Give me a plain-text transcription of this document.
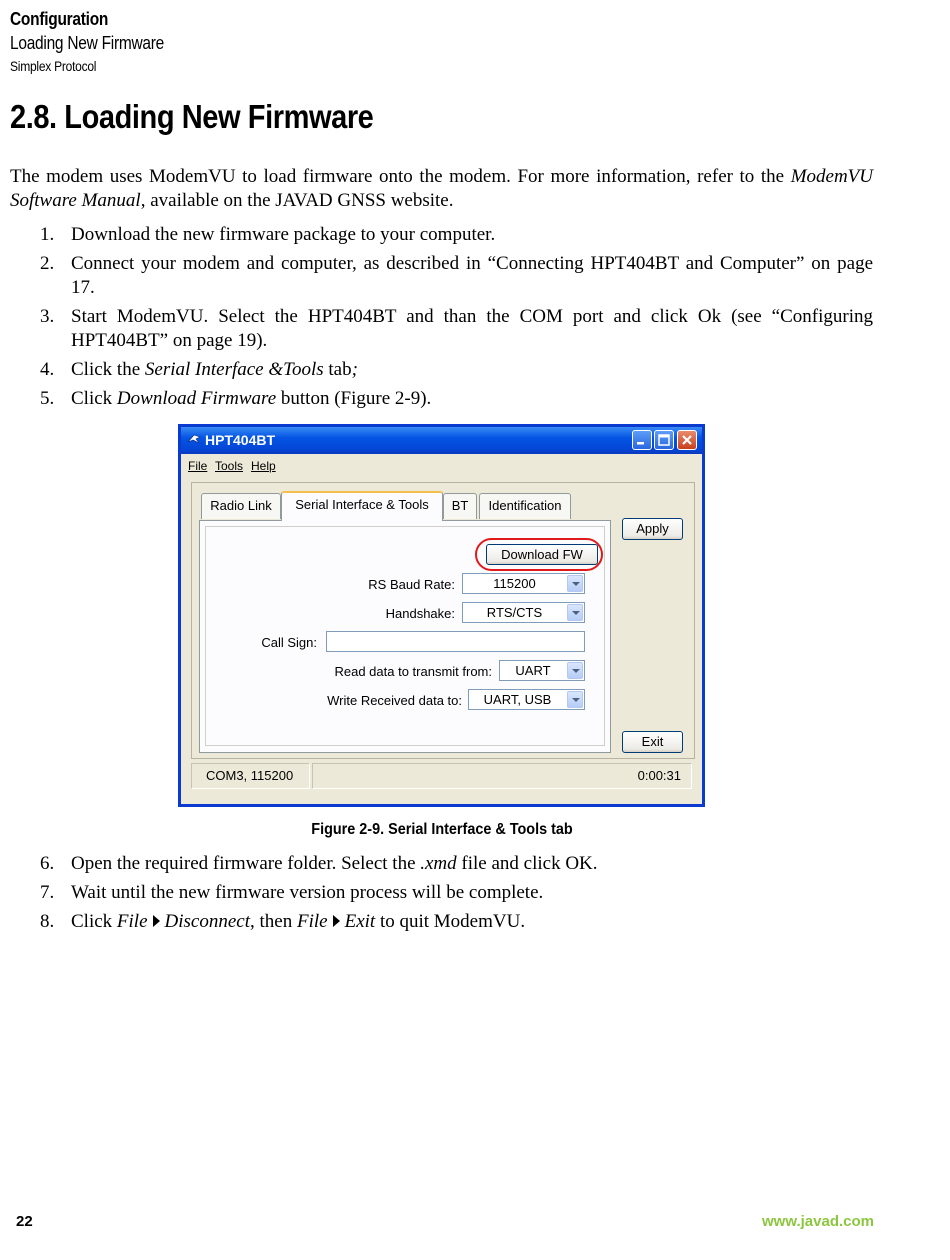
Configuration
Loading New Firmware
Simplex Protocol
2.8. Loading New Firmware

The modem uses ModemVU to load firmware onto the modem. For more information, refer to the ModemVU Software Manual, available on the JAVAD GNSS website.

1. Download the new firmware package to your computer.
2. Connect your modem and computer, as described in “Connecting HPT404BT and Computer” on page 17.
3. Start ModemVU. Select the HPT404BT and than the COM port and click Ok (see “Configuring HPT404BT” on page 19).
4. Click the Serial Interface &Tools tab;
5. Click Download Firmware button (Figure 2-9).
HPT404BT
File Tools Help
Radio Link	Serial Interface & Tools	BT	Identification
Download FW
RS Baud Rate:	115200
Handshake:	RTS/CTS
Call Sign:
Read data to transmit from:	UART
Write Received data to:	UART, USB
Apply
Exit
COM3, 115200	0:00:31
Figure 2-9. Serial Interface & Tools tab
6. Open the required firmware folder. Select the .xmd file and click OK.
7. Wait until the new firmware version process will be complete.
8. Click File Disconnect, then File Exit to quit ModemVU.
22	www.javad.com
